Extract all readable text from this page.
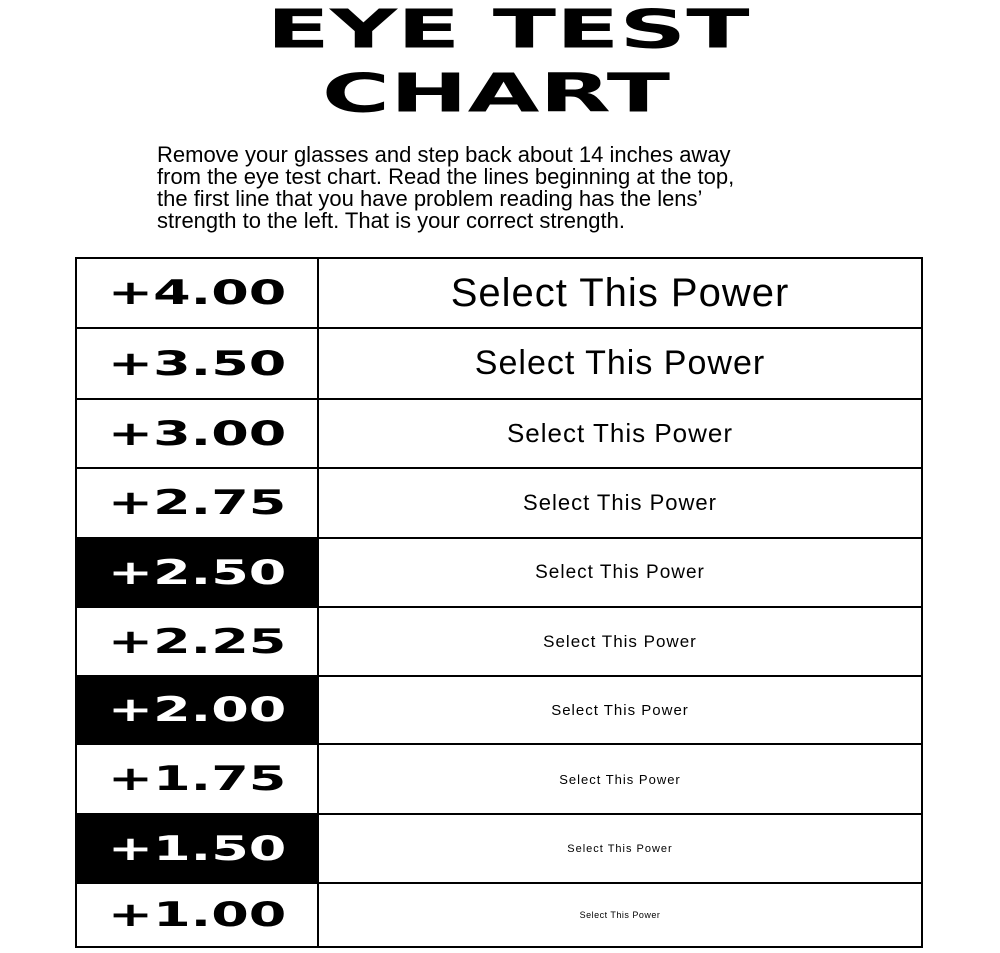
EYE TEST
CHART

Remove your glasses and step back about 14 inches away
from the eye test chart. Read the lines beginning at the top,
the first line that you have problem reading has the lens’
strength to the left. That is your correct strength.

+4.00	Select This Power
+3.50	Select This Power
+3.00	Select This Power
+2.75	Select This Power
+2.50	Select This Power
+2.25	Select This Power
+2.00	Select This Power
+1.75	Select This Power
+1.50	Select This Power
+1.00	Select This Power
